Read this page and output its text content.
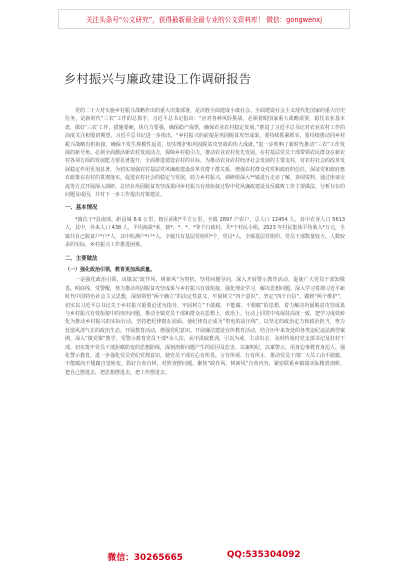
关注头条号“公文研究”，获得最新最全最专业的公文资料库！ 微信：gongwenxj
乡村振兴与廉政建设工作调研报告

党的二十大对实施乡村振兴战略作出的重大决策部署，是决胜全面建成小康社会、全面建设社会主义现代化国家的重大历史任务，是新时代“三农”工作的总抓手。习近平总书记指出：“应对各种风险挑战，必须着眼国家重大战略需要，稳住农业基本盘，做好‘三农’工作，措施要硬，执行力要强，确保稳产保供，确保农业农村稳定发展。”推进了习近平总书记对农业农村工作的高度关注和殷切期望。习近平总书记进一步指出，“乡村振兴的前提是巩固脱贫攻坚成果，要持续抓紧抓实，要持续推动同乡村振兴战略有机衔接，确保不发生规模性返贫，切实维护和巩固脱贫攻坚战的伟大成就。”进一步吹响了新时代推动“三农”工作发展的新号角。必须全面激活新农村发展活力，保障乡村稳引力，推动农业农村优先发展。在村基层党员干部带领农民群众在新农村各项方面的发展能力要显著提升，全面推进建设农村的目标，为推动农业农村经济社会发展的主要支柱，对农村社会的改革发展稳定作用更加显著。为切实加强农村基层党风廉政建设改革党群干群关系，增强农村群众对党和政府的信任，保证党和政府惠农政策在农村的贯彻落实，促进农村社会的稳定与发展，助力乡村振兴，调研组深入**镇进行走访了解，查阅资料，通过座谈交流等方式开展深入调研，总结在巩固脱贫攻坚成果同乡村振兴有效衔接过程中党风廉政建设及反腐败工作主要做法，分析存在的问题及成因，并对下一步工作提出对策建议。

一、基本情况

*镇位于*县南部，距县城 8.6 公里，辖区面积*平方公里，全镇 2897 户农户，总人口 12454 人，其中农业人口 5613 人，其中，外来人口 438 人，平均海拔*米，辖*、*、*、*等个行政村。共*个村民小组。2023 年村民集体平均收入*万元，全镇共有已脱贫户*户*人，其中监测户*户*人。全镇共有基层党组织*个，党员*人，全镇基层党组织、党员干部数量较大、人数较多的实际，乡村振兴工作推进困难。

二、主要做法
（一）强化政治引领，教育更加高质量。

一是强化政治引领。该镇以“政作风、树新风”为契机，坚持问题导向，深入开展警示教育活动，促使广大党员干部知敬畏、明底线、受警醒，努力推动巩固脱贫攻坚成果与乡村振兴有效衔接，强化理论学习，解决思想问题。深入学习贯彻习近平新时代中国特色社会主义思想，深刻领悟“两个确立”的决定性意义，牢固树立“四个意识”，坚定“四个自信”，做到“两个维护”，切实以习近平总书记关于乡村振兴重要论述为指导，牢固树立“不敢腐、不能腐、不想腐”的思想，着力解决巩固脱贫攻坚成果与乡村振兴有效衔接中的突出问题，推动全镇党员干部和群众在思想上、政治上、行动上同党中央保持高度一致，把学习成效转化为推动乡村振兴的实际行动。坚持把纪律挺在前面，使纪律真正成为“带电的高压线”，以坚定的政治定力和政治担当，努力营造风清气正的政治生态，开展教育活动，增强党纪意识。开展廉洁建设宣传教育活动，结合历年来查处的各类违纪违法典型案例，深入“微党课”教学，受警示教育党员干部*余人次，从中汲取教训，引以为戒。主动出击，及时约谈村党支部书记及驻村干部，切实筑牢党员干部拒腐防变的思想防线，深刻剖析问题产生的原因及危害。以案明纪，以案警示，用身边事教育身边人。强化警示教育，进一步强化党员党纪党规意识，使党员干部在心有所畏、言有所戒、行有所止，推动党员干部厂大员工由不敢腐、不能腐向不想腐自觉转变。抓好自查自纠，对照查摆问题。聚焦“政作风、树新风”自查内容，紧密联系乡镇端实际精准剖析，把自己摆进去，把思想摆进去，把工作摆进去。

微信：30265665	QQ:535304092
